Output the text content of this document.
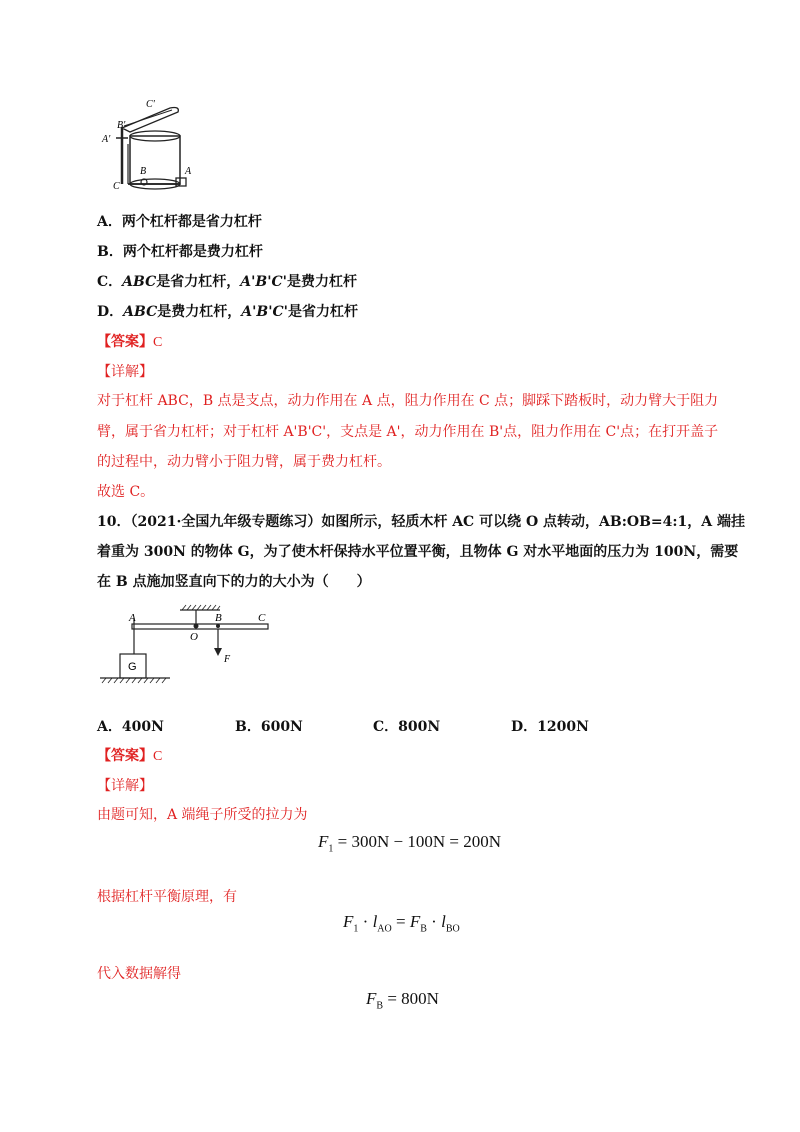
C'
B'
A'
B	A
C
A．两个杠杆都是省力杠杆
B．两个杠杆都是费力杠杆
C．ABC是省力杠杆，A'B'C'是费力杠杆
D．ABC是费力杠杆，A'B'C'是省力杠杆
【答案】C
【详解】
对于杠杆 ABC，B 点是支点，动力作用在 A 点，阻力作用在 C 点；脚踩下踏板时，动力臂大于阻力
臂，属于省力杠杆；对于杠杆 A'B'C'，支点是 A'，动力作用在 B'点，阻力作用在 C'点；在打开盖子
的过程中，动力臂小于阻力臂，属于费力杠杆。
故选 C。
10．（2021·全国九年级专题练习）如图所示，轻质木杆 AC 可以绕 O 点转动，AB:OB=4:1，A 端挂
着重为 300N 的物体 G，为了使木杆保持水平位置平衡，且物体 G 对水平地面的压力为 100N，需要
在 B 点施加竖直向下的力的大小为（　　）
A
O
B	C
F
G
A．400N	B．600N	C．800N	D．1200N
【答案】C
【详解】
由题可知，A 端绳子所受的拉力为
$F_1 = 300N - 100N = 200N$
根据杠杆平衡原理，有
$F_1 \cdot l_{AO} = F_B \cdot l_{BO}$
代入数据解得
$F_B = 800N$
